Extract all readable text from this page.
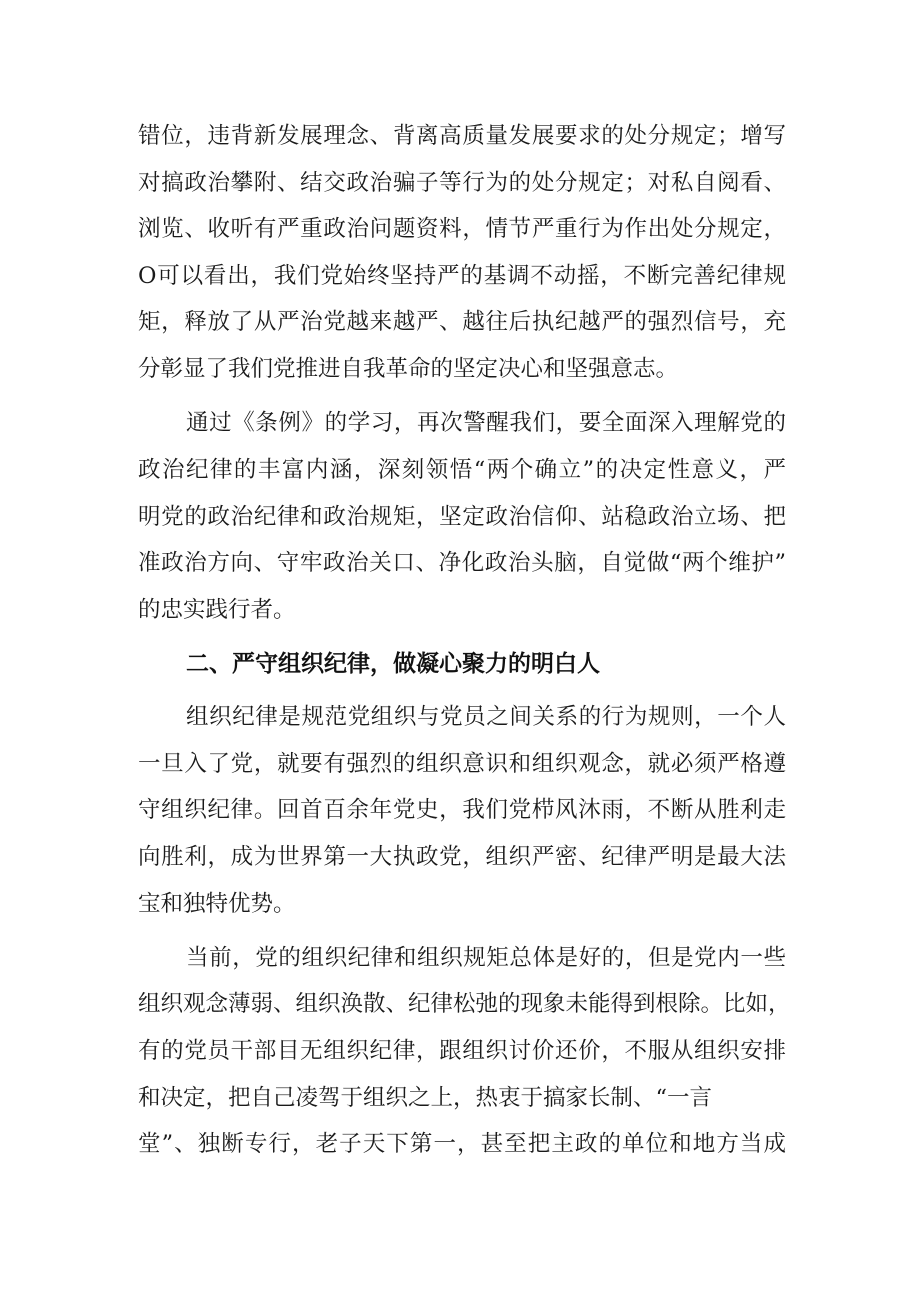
错位，违背新发展理念、背离高质量发展要求的处分规定；增写
对搞政治攀附、结交政治骗子等行为的处分规定；对私自阅看、
浏览、收听有严重政治问题资料，情节严重行为作出处分规定，
O可以看出，我们党始终坚持严的基调不动摇，不断完善纪律规
矩，释放了从严治党越来越严、越往后执纪越严的强烈信号，充
分彰显了我们党推进自我革命的坚定决心和坚强意志。
通过《条例》的学习，再次警醒我们，要全面深入理解党的
政治纪律的丰富内涵，深刻领悟“两个确立”的决定性意义，严
明党的政治纪律和政治规矩，坚定政治信仰、站稳政治立场、把
准政治方向、守牢政治关口、净化政治头脑，自觉做“两个维护”
的忠实践行者。
二、严守组织纪律，做凝心聚力的明白人
组织纪律是规范党组织与党员之间关系的行为规则，一个人
一旦入了党，就要有强烈的组织意识和组织观念，就必须严格遵
守组织纪律。回首百余年党史，我们党栉风沐雨，不断从胜利走
向胜利，成为世界第一大执政党，组织严密、纪律严明是最大法
宝和独特优势。
当前，党的组织纪律和组织规矩总体是好的，但是党内一些
组织观念薄弱、组织涣散、纪律松弛的现象未能得到根除。比如，
有的党员干部目无组织纪律，跟组织讨价还价，不服从组织安排
和决定，把自己凌驾于组织之上，热衷于搞家长制、“一言
堂”、独断专行，老子天下第一，甚至把主政的单位和地方当成
